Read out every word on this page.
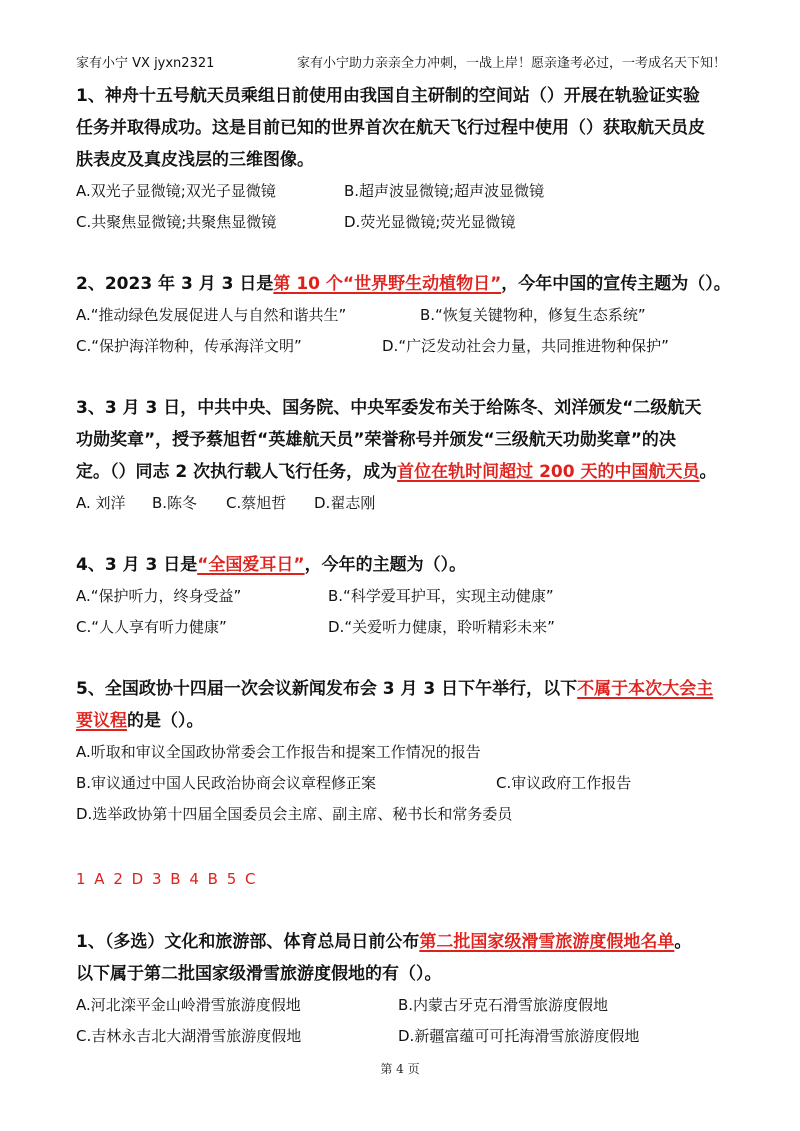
家有小宁 VX jyxn2321	家有小宁助力亲亲全力冲刺，一战上岸！愿亲逢考必过，一考成名天下知！

1、神舟十五号航天员乘组日前使用由我国自主研制的空间站（）开展在轨验证实验

任务并取得成功。这是目前已知的世界首次在航天飞行过程中使用（）获取航天员皮

肤表皮及真皮浅层的三维图像。

A.双光子显微镜;双光子显微镜	B.超声波显微镜;超声波显微镜
C.共聚焦显微镜;共聚焦显微镜	D.荧光显微镜;荧光显微镜

2、2023 年 3 月 3 日是第 10 个“世界野生动植物日”，今年中国的宣传主题为（）。

A.“推动绿色发展促进人与自然和谐共生”	B.“恢复关键物种，修复生态系统”
C.“保护海洋物种，传承海洋文明”	D.“广泛发动社会力量，共同推进物种保护”

3、3 月 3 日，中共中央、国务院、中央军委发布关于给陈冬、刘洋颁发“二级航天

功勋奖章”，授予蔡旭哲“英雄航天员”荣誉称号并颁发“三级航天功勋奖章”的决

定。（）同志 2 次执行载人飞行任务，成为首位在轨时间超过 200 天的中国航天员。

A. 刘洋	B.陈冬	C.蔡旭哲	D.翟志刚

4、3 月 3 日是“全国爱耳日”，今年的主题为（）。

A.“保护听力，终身受益”	B.“科学爱耳护耳，实现主动健康”
C.“人人享有听力健康”	D.“关爱听力健康，聆听精彩未来”

5、全国政协十四届一次会议新闻发布会 3 月 3 日下午举行，以下不属于本次大会主

要议程的是（）。

A.听取和审议全国政协常委会工作报告和提案工作情况的报告
B.审议通过中国人民政治协商会议章程修正案	C.审议政府工作报告
D.选举政协第十四届全国委员会主席、副主席、秘书长和常务委员

1 A 2 D 3 B 4 B 5 C

1、（多选）文化和旅游部、体育总局日前公布第二批国家级滑雪旅游度假地名单。

以下属于第二批国家级滑雪旅游度假地的有（）。

A.河北滦平金山岭滑雪旅游度假地	B.内蒙古牙克石滑雪旅游度假地
C.吉林永吉北大湖滑雪旅游度假地	D.新疆富蕴可可托海滑雪旅游度假地
第 4 页
